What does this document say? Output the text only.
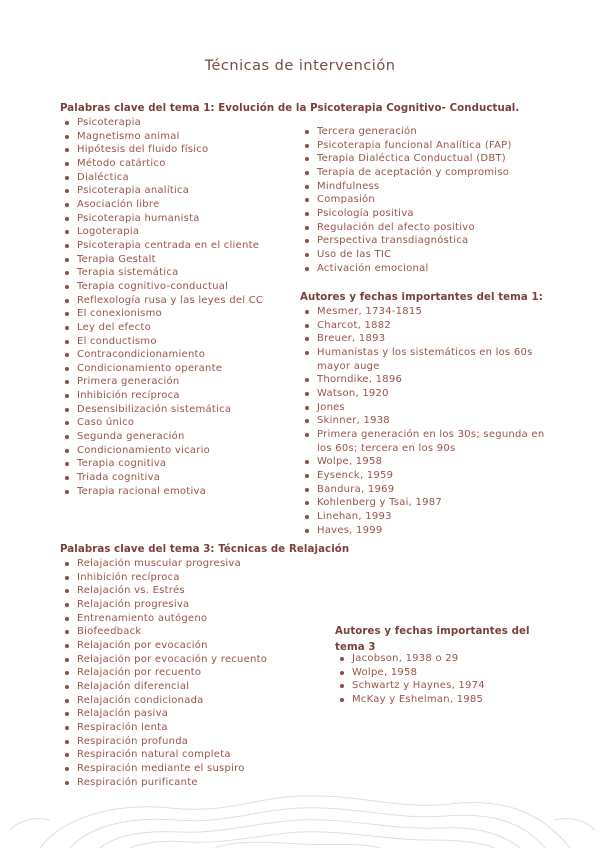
Técnicas de intervención
Palabras clave del tema 1: Evolución de la Psicoterapia Cognitivo- Conductual.
Psicoterapia
Magnetismo animal
Hipótesis del fluido físico
Método catártico
Dialéctica
Psicoterapia analítica
Asociación libre
Psicoterapia humanista
Logoterapia
Psicoterapia centrada en el cliente
Terapia Gestalt
Terapia sistemática
Terapia cognitivo-conductual
Reflexología rusa y las leyes del CC
El conexionismo
Ley del efecto
El conductismo
Contracondicionamiento
Condicionamiento operante
Primera generación
Inhibición recíproca
Desensibilización sistemática
Caso único
Segunda generación
Condicionamiento vicario
Terapia cognitiva
Triada cognitiva
Terapia racional emotiva
Tercera generación
Psicoterapia funcional Analítica (FAP)
Terapia Dialéctica Conductual (DBT)
Terapia de aceptación y compromiso
Mindfulness
Compasión
Psicología positiva
Regulación del afecto positivo
Perspectiva transdiagnóstica
Uso de las TIC
Activación emocional
Autores y fechas importantes del tema 1:
Mesmer, 1734-1815
Charcot, 1882
Breuer, 1893
Humanistas y los sistemáticos en los 60s mayor auge
Thorndike, 1896
Watson, 1920
Jones
Skinner, 1938
Primera generación en los 30s; segunda en los 60s; tercera en los 90s
Wolpe, 1958
Eysenck, 1959
Bandura, 1969
Kohlenberg y Tsai, 1987
Linehan, 1993
Haves, 1999
Palabras clave del tema 3: Técnicas de Relajación
Relajación muscular progresiva
Inhibición recíproca
Relajación vs. Estrés
Relajación progresiva
Entrenamiento autógeno
Biofeedback
Relajación por evocación
Relajación por evocación y recuento
Relajación por recuento
Relajación diferencial
Relajación condicionada
Relajación pasiva
Respiración lenta
Respiración profunda
Respiración natural completa
Respiración mediante el suspiro
Respiración purificante
Autores y fechas importantes del tema 3
Jacobson, 1938 o 29
Wolpe, 1958
Schwartz y Haynes, 1974
McKay y Eshelman, 1985
